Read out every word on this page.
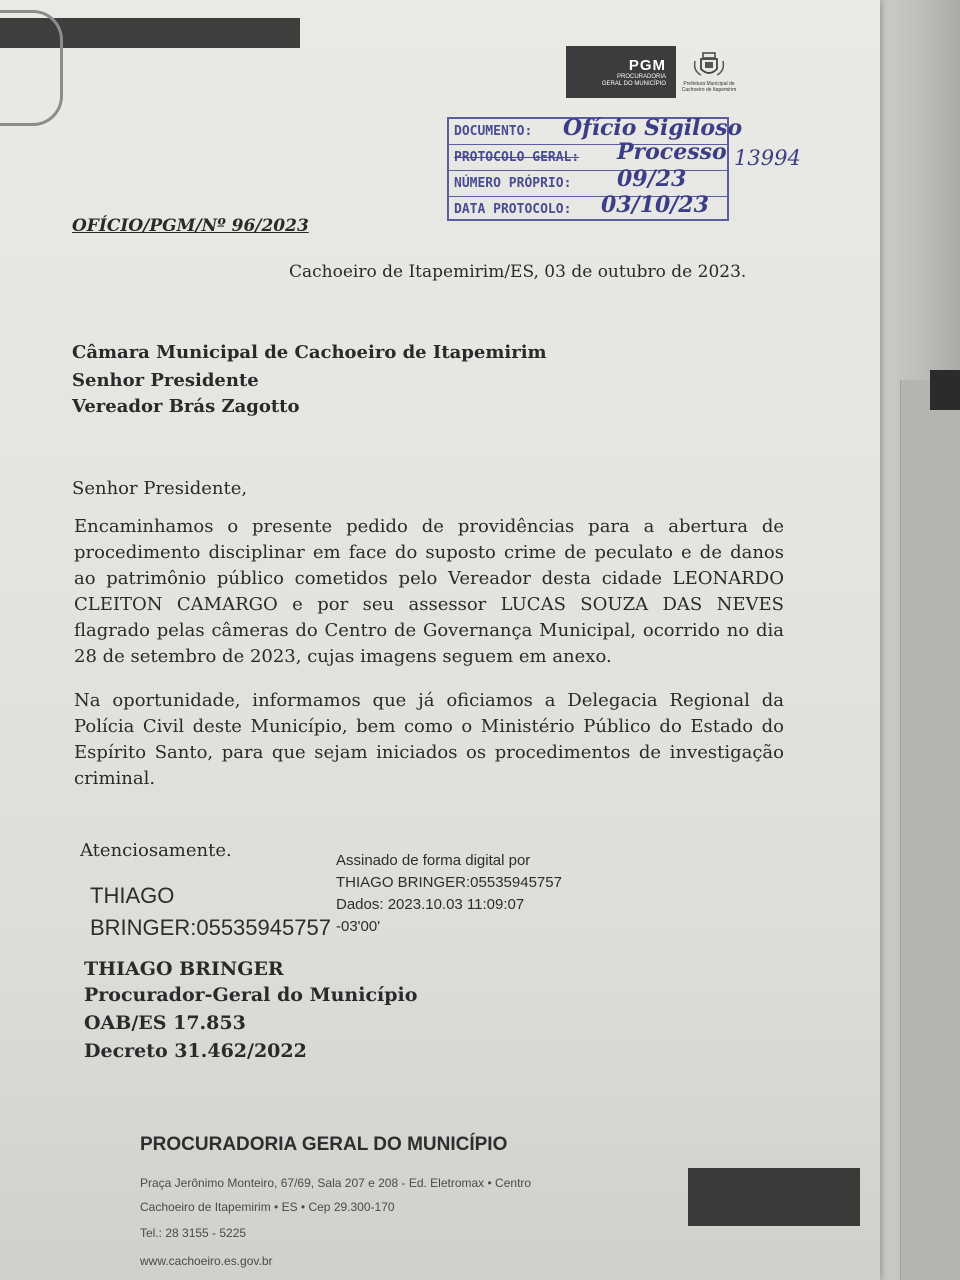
PGM
PROCURADORIA
GERAL DO MUNICÍPIO	Prefeitura Municipal de
Cachoeiro de Itapemirim
DOCUMENTO: Ofício Sigiloso
PROTOCOLO GERAL: Processo
NÚMERO PRÓPRIO: 09/23
DATA PROTOCOLO: 03/10/23
13994
OFÍCIO/PGM/Nº 96/2023
Cachoeiro de Itapemirim/ES, 03 de outubro de 2023.
Câmara Municipal de Cachoeiro de Itapemirim
Senhor Presidente
Vereador Brás Zagotto
Senhor Presidente,
Encaminhamos o presente pedido de providências para a abertura de procedimento disciplinar em face do suposto crime de peculato e de danos ao patrimônio público cometidos pelo Vereador desta cidade LEONARDO CLEITON CAMARGO e por seu assessor LUCAS SOUZA DAS NEVES flagrado pelas câmeras do Centro de Governança Municipal, ocorrido no dia 28 de setembro de 2023, cujas imagens seguem em anexo.
Na oportunidade, informamos que já oficiamos a Delegacia Regional da Polícia Civil deste Município, bem como o Ministério Público do Estado do Espírito Santo, para que sejam iniciados os procedimentos de investigação criminal.
Atenciosamente.
THIAGO
BRINGER:05535945757
Assinado de forma digital por
THIAGO BRINGER:05535945757
Dados: 2023.10.03 11:09:07
-03'00'
THIAGO BRINGER
Procurador-Geral do Município
OAB/ES 17.853
Decreto 31.462/2022
PROCURADORIA GERAL DO MUNICÍPIO
Praça Jerônimo Monteiro, 67/69, Sala 207 e 208 - Ed. Eletromax • Centro
Cachoeiro de Itapemirim • ES • Cep 29.300-170
Tel.: 28 3155 - 5225
www.cachoeiro.es.gov.br
